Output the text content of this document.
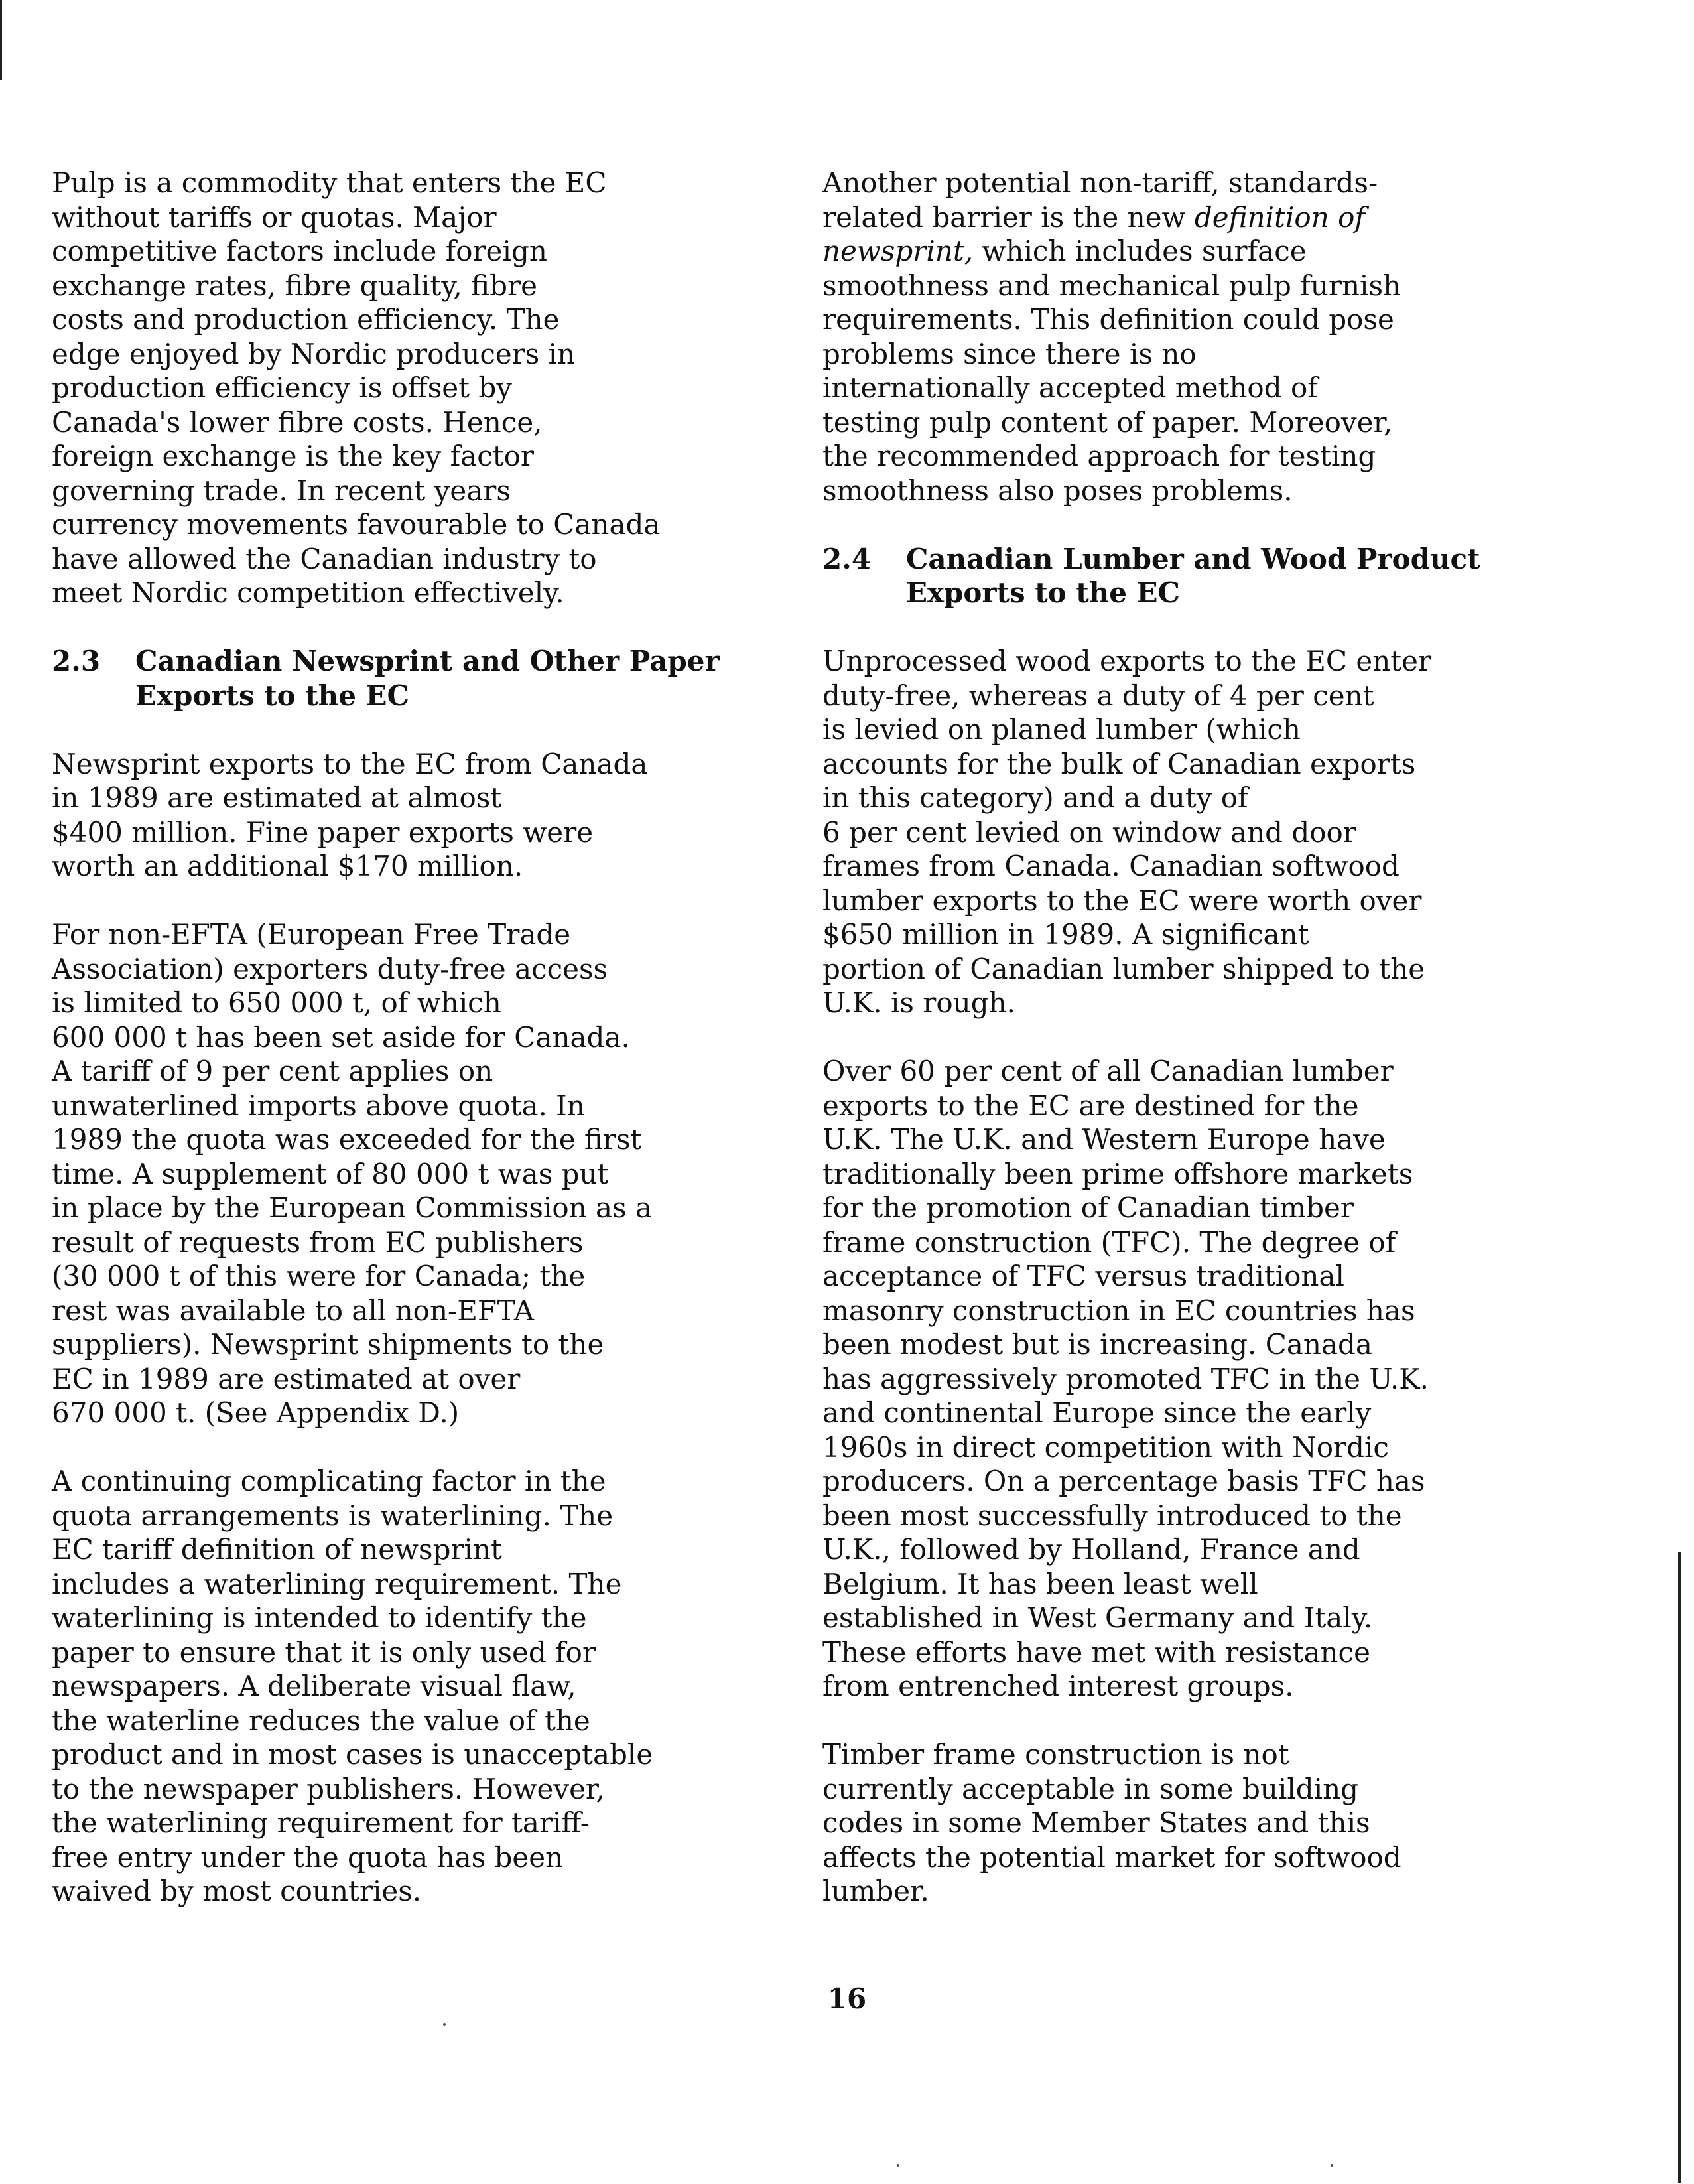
Pulp is a commodity that enters the EC
without tariffs or quotas. Major
competitive factors include foreign
exchange rates, fibre quality, fibre
costs and production efficiency. The
edge enjoyed by Nordic producers in
production efficiency is offset by
Canada's lower fibre costs. Hence,
foreign exchange is the key factor
governing trade. In recent years
currency movements favourable to Canada
have allowed the Canadian industry to
meet Nordic competition effectively.

2.3	Canadian Newsprint and Other Paper
Exports to the EC

Newsprint exports to the EC from Canada
in 1989 are estimated at almost
$400 million. Fine paper exports were
worth an additional $170 million.

For non-EFTA (European Free Trade
Association) exporters duty-free access
is limited to 650 000 t, of which
600 000 t has been set aside for Canada.
A tariff of 9 per cent applies on
unwaterlined imports above quota. In
1989 the quota was exceeded for the first
time. A supplement of 80 000 t was put
in place by the European Commission as a
result of requests from EC publishers
(30 000 t of this were for Canada; the
rest was available to all non-EFTA
suppliers). Newsprint shipments to the
EC in 1989 are estimated at over
670 000 t. (See Appendix D.)

A continuing complicating factor in the
quota arrangements is waterlining. The
EC tariff definition of newsprint
includes a waterlining requirement. The
waterlining is intended to identify the
paper to ensure that it is only used for
newspapers. A deliberate visual flaw,
the waterline reduces the value of the
product and in most cases is unacceptable
to the newspaper publishers. However,
the waterlining requirement for tariff-
free entry under the quota has been
waived by most countries.

Another potential non-tariff, standards-
related barrier is the new definition of
newsprint, which includes surface
smoothness and mechanical pulp furnish
requirements. This definition could pose
problems since there is no
internationally accepted method of
testing pulp content of paper. Moreover,
the recommended approach for testing
smoothness also poses problems.

2.4	Canadian Lumber and Wood Product
Exports to the EC

Unprocessed wood exports to the EC enter
duty-free, whereas a duty of 4 per cent
is levied on planed lumber (which
accounts for the bulk of Canadian exports
in this category) and a duty of
6 per cent levied on window and door
frames from Canada. Canadian softwood
lumber exports to the EC were worth over
$650 million in 1989. A significant
portion of Canadian lumber shipped to the
U.K. is rough.

Over 60 per cent of all Canadian lumber
exports to the EC are destined for the
U.K. The U.K. and Western Europe have
traditionally been prime offshore markets
for the promotion of Canadian timber
frame construction (TFC). The degree of
acceptance of TFC versus traditional
masonry construction in EC countries has
been modest but is increasing. Canada
has aggressively promoted TFC in the U.K.
and continental Europe since the early
1960s in direct competition with Nordic
producers. On a percentage basis TFC has
been most successfully introduced to the
U.K., followed by Holland, France and
Belgium. It has been least well
established in West Germany and Italy.
These efforts have met with resistance
from entrenched interest groups.

Timber frame construction is not
currently acceptable in some building
codes in some Member States and this
affects the potential market for softwood
lumber.

16
